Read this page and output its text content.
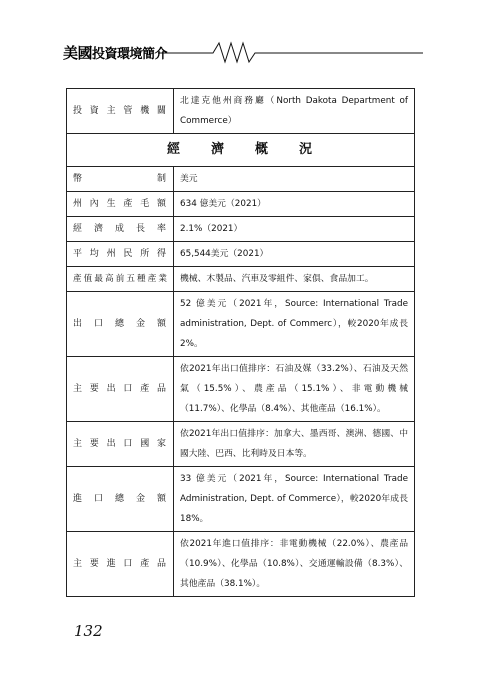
美國投資環境簡介
投 資 主 管 機 關	北達克他州商務廳（North Dakota Department of Commerce）
經　濟　概　況	
幣　　　　制	美元
州 內 生 產 毛 額	634 億美元（2021）
經 濟 成 長 率	2.1%（2021）
平 均 州 民 所 得	65,544美元（2021）
產值最高前五種產業	機械、木製品、汽車及零組件、家俱、食品加工。
出 口 總 金 額	52 億美元（2021年，Source: International Trade administration, Dept. of Commerc），較2020年成長2%。
主 要 出 口 產 品	依2021年出口值排序：石油及媒（33.2%）、石油及天然氣（15.5%）、農產品（15.1%）、非電動機械（11.7%）、化學品（8.4%）、其他產品（16.1%）。
主 要 出 口 國 家	依2021年出口值排序：加拿大、墨西哥、澳洲、德國、中國大陸、巴西、比利時及日本等。
進 口 總 金 額	33 億美元（2021年，Source: International Trade Administration, Dept. of Commerce），較2020年成長18%。
主 要 進 口 產 品	依2021年進口值排序：非電動機械（22.0%）、農產品（10.9%）、化學品（10.8%）、交通運輸設備（8.3%）、其他產品（38.1%）。
132
